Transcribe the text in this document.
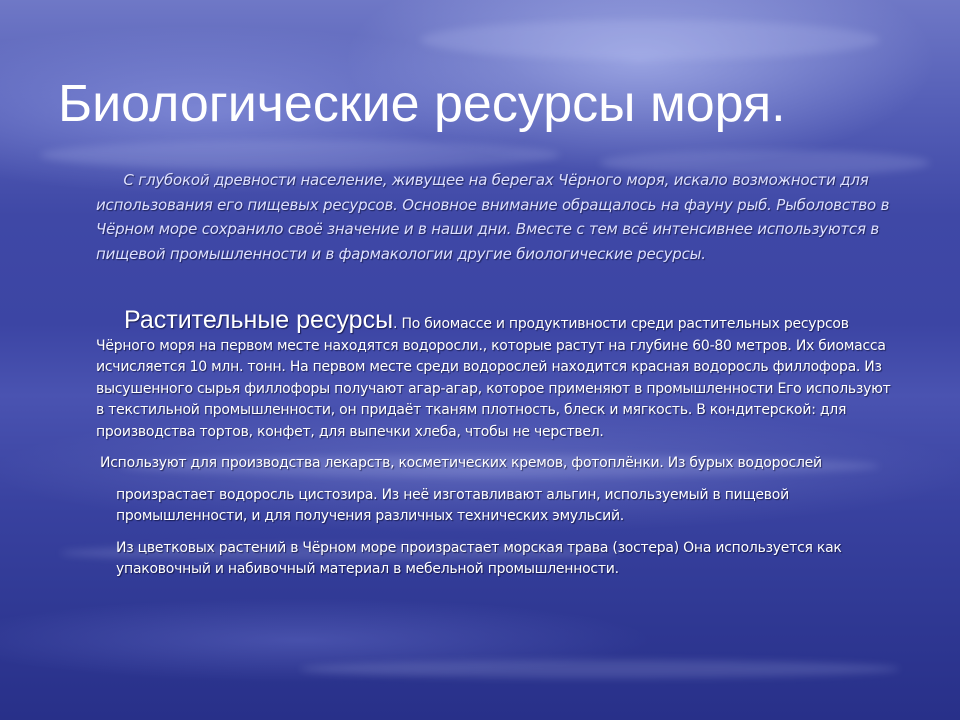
Биологические ресурсы моря.

С глубокой древности население, живущее на берегах Чёрного моря, искало возможности для использования его пищевых ресурсов. Основное внимание обращалось на фауну рыб. Рыболовство в Чёрном море сохранило своё значение и в наши дни. Вместе с тем всё интенсивнее используются в пищевой промышленности и в фармакологии другие биологические ресурсы.

Растительные ресурсы. По биомассе и продуктивности среди растительных ресурсов Чёрного моря на первом месте находятся водоросли., которые растут на глубине 60-80 метров. Их биомасса исчисляется 10 млн. тонн. На первом месте среди водорослей находится красная водоросль филлофора. Из высушенного сырья филлофоры получают агар-агар, которое применяют в промышленности Его используют в текстильной промышленности, он придаёт тканям плотность, блеск и мягкость. В кондитерской: для производства тортов, конфет, для выпечки хлеба, чтобы не черствел.

Используют для производства лекарств, косметических кремов, фотоплёнки. Из бурых водорослей

произрастает водоросль цистозира. Из неё изготавливают альгин, используемый в пищевой промышленности, и для получения различных технических эмульсий.

Из цветковых растений в Чёрном море произрастает морская трава (зостера) Она используется как упаковочный и набивочный материал в мебельной промышленности.
